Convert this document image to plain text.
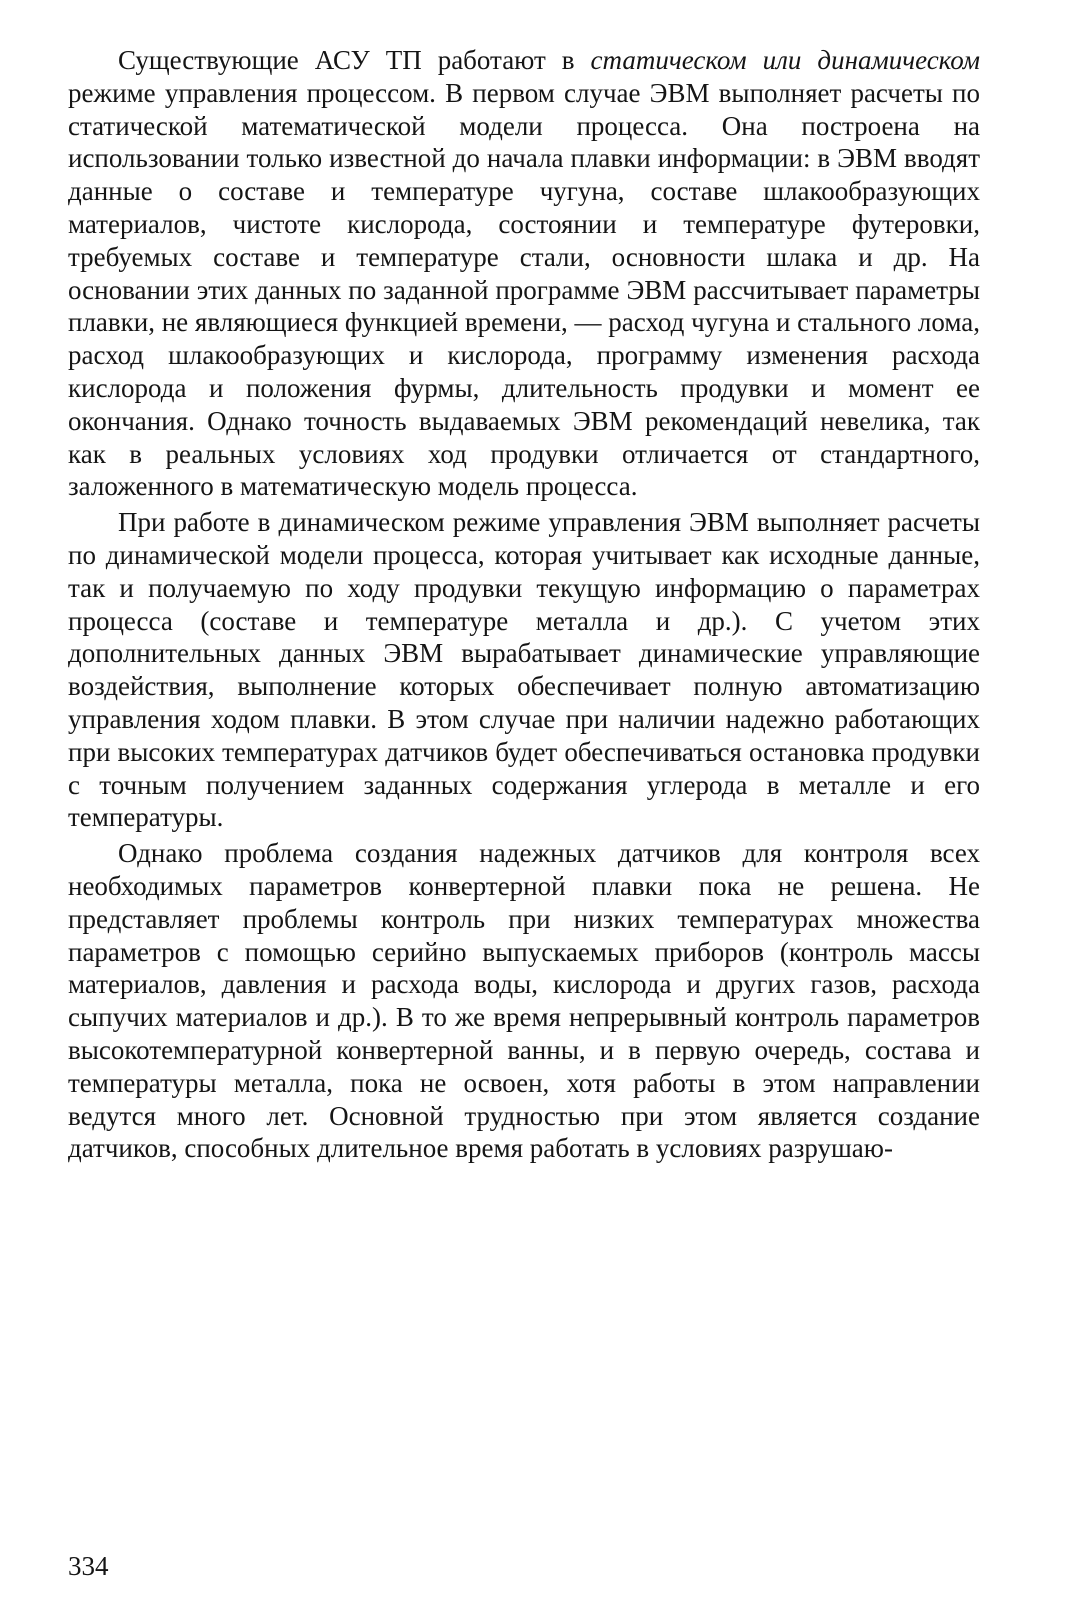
Существующие АСУ ТП работают в статическом или динамическом режиме управления процессом. В первом случае ЭВМ выполняет расчеты по статической математической модели процесса. Она построена на использовании только известной до начала плавки информации: в ЭВМ вводят данные о составе и температуре чугуна, составе шлакообразующих материалов, чистоте кислорода, состоянии и температуре футеровки, требуемых составе и температуре стали, основности шлака и др. На основании этих данных по заданной программе ЭВМ рассчитывает параметры плавки, не являющиеся функцией времени, — расход чугуна и стального лома, расход шлакообразующих и кислорода, программу изменения расхода кислорода и положения фурмы, длительность продувки и момент ее окончания. Однако точность выдаваемых ЭВМ рекомендаций невелика, так как в реальных условиях ход продувки отличается от стандартного, заложенного в математическую модель процесса.

При работе в динамическом режиме управления ЭВМ выполняет расчеты по динамической модели процесса, которая учитывает как исходные данные, так и получаемую по ходу продувки текущую информацию о параметрах процесса (составе и температуре металла и др.). С учетом этих дополнительных данных ЭВМ вырабатывает динамические управляющие воздействия, выполнение которых обеспечивает полную автоматизацию управления ходом плавки. В этом случае при наличии надежно работающих при высоких температурах датчиков будет обеспечиваться остановка продувки с точным получением заданных содержания углерода в металле и его температуры.

Однако проблема создания надежных датчиков для контроля всех необходимых параметров конвертерной плавки пока не решена. Не представляет проблемы контроль при низких температурах множества параметров с помощью серийно выпускаемых приборов (контроль массы материалов, давления и расхода воды, кислорода и других газов, расхода сыпучих материалов и др.). В то же время непрерывный контроль параметров высокотемпературной конвертерной ванны, и в первую очередь, состава и температуры металла, пока не освоен, хотя работы в этом направлении ведутся много лет. Основной трудностью при этом является создание датчиков, способных длительное время работать в условиях разрушаю-

334
